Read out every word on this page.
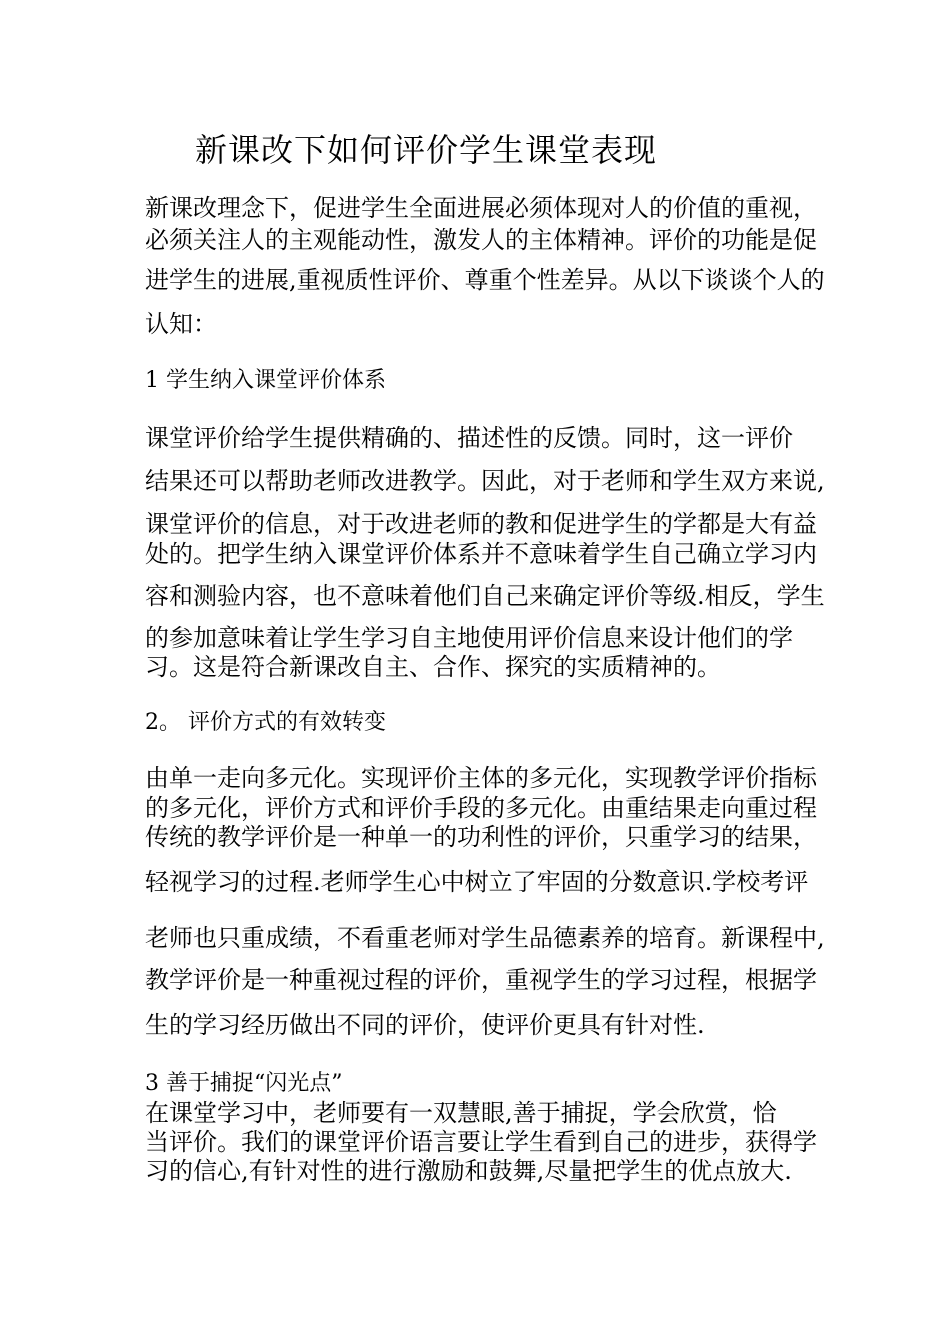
新课改下如何评价学生课堂表现
新课改理念下，促进学生全面进展必须体现对人的价值的重视，
必须关注人的主观能动性，激发人的主体精神。评价的功能是促
进学生的进展,重视质性评价、尊重个性差异。从以下谈谈个人的
认知：
1 学生纳入课堂评价体系
课堂评价给学生提供精确的、描述性的反馈。同时，这一评价
结果还可以帮助老师改进教学。因此，对于老师和学生双方来说,
课堂评价的信息，对于改进老师的教和促进学生的学都是大有益
处的。把学生纳入课堂评价体系并不意味着学生自己确立学习内
容和测验内容，也不意味着他们自己来确定评价等级.相反，学生
的参加意味着让学生学习自主地使用评价信息来设计他们的学
习。这是符合新课改自主、合作、探究的实质精神的。
2。 评价方式的有效转变
由单一走向多元化。实现评价主体的多元化，实现教学评价指标
的多元化，评价方式和评价手段的多元化。由重结果走向重过程
传统的教学评价是一种单一的功利性的评价，只重学习的结果，
轻视学习的过程.老师学生心中树立了牢固的分数意识.学校考评
老师也只重成绩，不看重老师对学生品德素养的培育。新课程中,
教学评价是一种重视过程的评价，重视学生的学习过程，根据学
生的学习经历做出不同的评价，使评价更具有针对性.
3 善于捕捉“闪光点”
在课堂学习中，老师要有一双慧眼,善于捕捉，学会欣赏，恰
当评价。我们的课堂评价语言要让学生看到自己的进步，获得学
习的信心,有针对性的进行激励和鼓舞,尽量把学生的优点放大.
